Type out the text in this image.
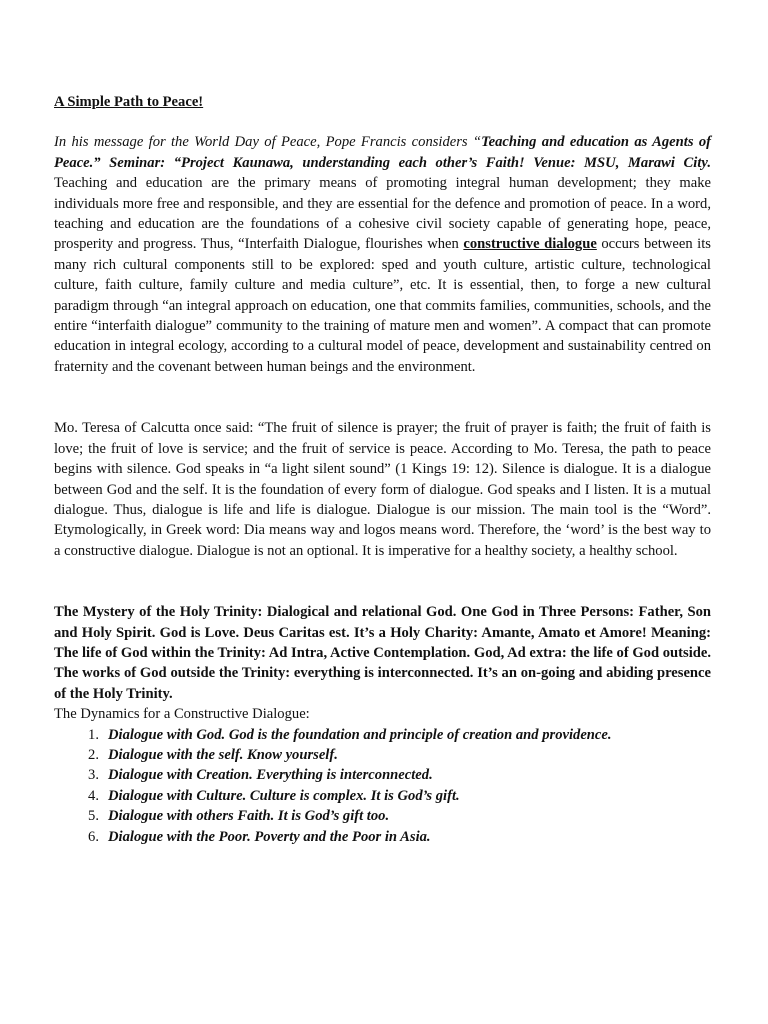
A Simple Path to Peace!

In his message for the World Day of Peace, Pope Francis considers “Teaching and education as Agents of Peace.” Seminar: “Project Kaunawa, understanding each other’s Faith! Venue: MSU, Marawi City. Teaching and education are the primary means of promoting integral human development; they make individuals more free and responsible, and they are essential for the defence and promotion of peace. In a word, teaching and education are the foundations of a cohesive civil society capable of generating hope, peace, prosperity and progress. Thus, “Interfaith Dialogue, flourishes when constructive dialogue occurs between its many rich cultural components still to be explored: sped and youth culture, artistic culture, technological culture, faith culture, family culture and media culture”, etc. It is essential, then, to forge a new cultural paradigm through “an integral approach on education, one that commits families, communities, schools, and the entire “interfaith dialogue” community to the training of mature men and women”. A compact that can promote education in integral ecology, according to a cultural model of peace, development and sustainability centred on fraternity and the covenant between human beings and the environment.

Mo. Teresa of Calcutta once said: “The fruit of silence is prayer; the fruit of prayer is faith; the fruit of faith is love; the fruit of love is service; and the fruit of service is peace. According to Mo. Teresa, the path to peace begins with silence. God speaks in “a light silent sound” (1 Kings 19: 12). Silence is dialogue. It is a dialogue between God and the self. It is the foundation of every form of dialogue. God speaks and I listen. It is a mutual dialogue. Thus, dialogue is life and life is dialogue. Dialogue is our mission. The main tool is the “Word”. Etymologically, in Greek word: Dia means way and logos means word. Therefore, the ‘word’ is the best way to a constructive dialogue. Dialogue is not an optional. It is imperative for a healthy society, a healthy school.

The Mystery of the Holy Trinity: Dialogical and relational God. One God in Three Persons: Father, Son and Holy Spirit. God is Love. Deus Caritas est. It’s a Holy Charity: Amante, Amato et Amore! Meaning: The life of God within the Trinity: Ad Intra, Active Contemplation. God, Ad extra: the life of God outside. The works of God outside the Trinity: everything is interconnected. It’s an on-going and abiding presence of the Holy Trinity.

The Dynamics for a Constructive Dialogue:

1. Dialogue with God. God is the foundation and principle of creation and providence.
2. Dialogue with the self. Know yourself.
3. Dialogue with Creation. Everything is interconnected.
4. Dialogue with Culture. Culture is complex. It is God’s gift.
5. Dialogue with others Faith. It is God’s gift too.
6. Dialogue with the Poor. Poverty and the Poor in Asia.
